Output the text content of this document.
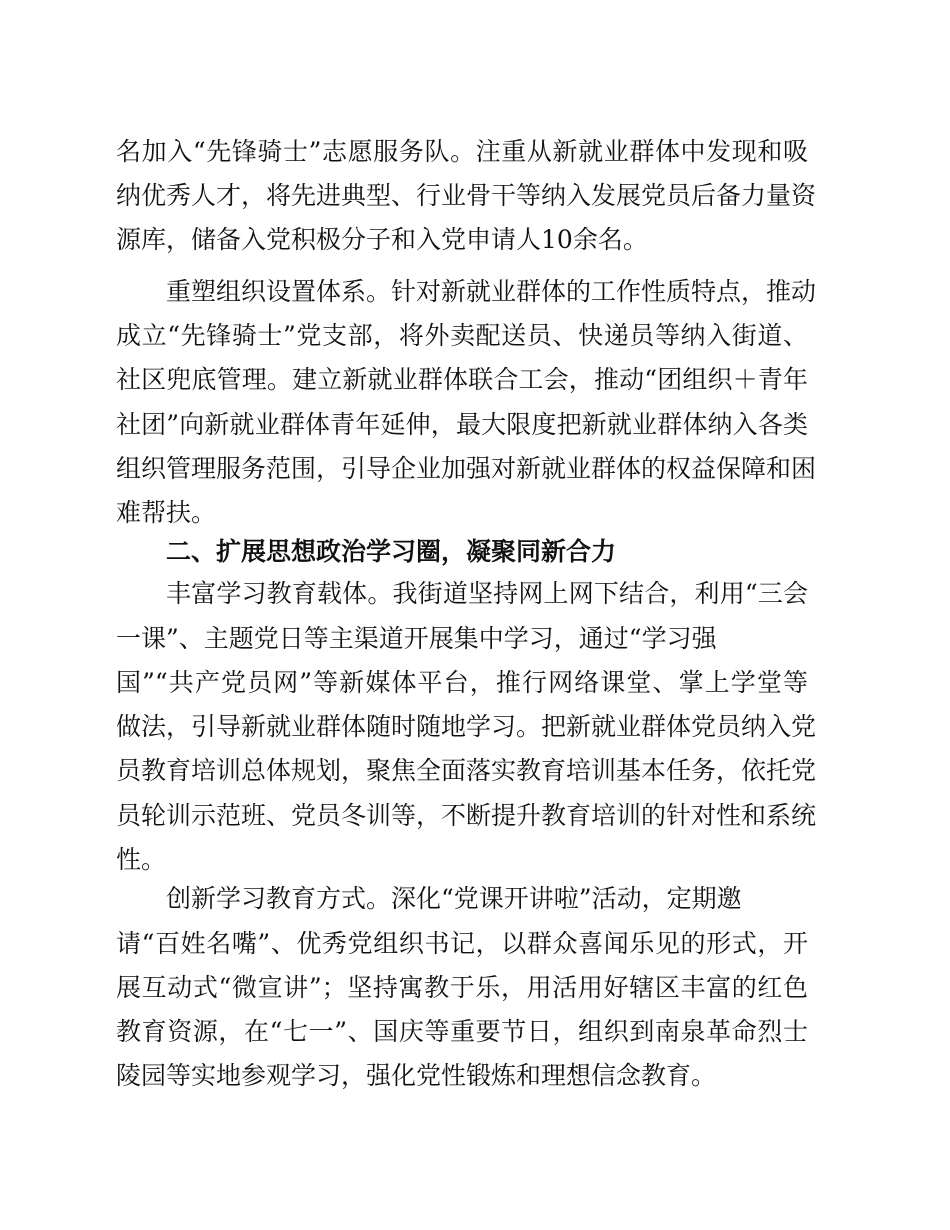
名加入“先锋骑士”志愿服务队。注重从新就业群体中发现和吸
纳优秀人才，将先进典型、行业骨干等纳入发展党员后备力量资
源库，储备入党积极分子和入党申请人10余名。
重塑组织设置体系。针对新就业群体的工作性质特点，推动
成立“先锋骑士”党支部，将外卖配送员、快递员等纳入街道、
社区兜底管理。建立新就业群体联合工会，推动“团组织＋青年
社团”向新就业群体青年延伸，最大限度把新就业群体纳入各类
组织管理服务范围，引导企业加强对新就业群体的权益保障和困
难帮扶。
二、扩展思想政治学习圈，凝聚同新合力
丰富学习教育载体。我街道坚持网上网下结合，利用“三会
一课”、主题党日等主渠道开展集中学习，通过“学习强
国”“共产党员网”等新媒体平台，推行网络课堂、掌上学堂等
做法，引导新就业群体随时随地学习。把新就业群体党员纳入党
员教育培训总体规划，聚焦全面落实教育培训基本任务，依托党
员轮训示范班、党员冬训等，不断提升教育培训的针对性和系统
性。
创新学习教育方式。深化“党课开讲啦”活动，定期邀
请“百姓名嘴”、优秀党组织书记，以群众喜闻乐见的形式，开
展互动式“微宣讲”；坚持寓教于乐，用活用好辖区丰富的红色
教育资源，在“七一”、国庆等重要节日，组织到南泉革命烈士
陵园等实地参观学习，强化党性锻炼和理想信念教育。
